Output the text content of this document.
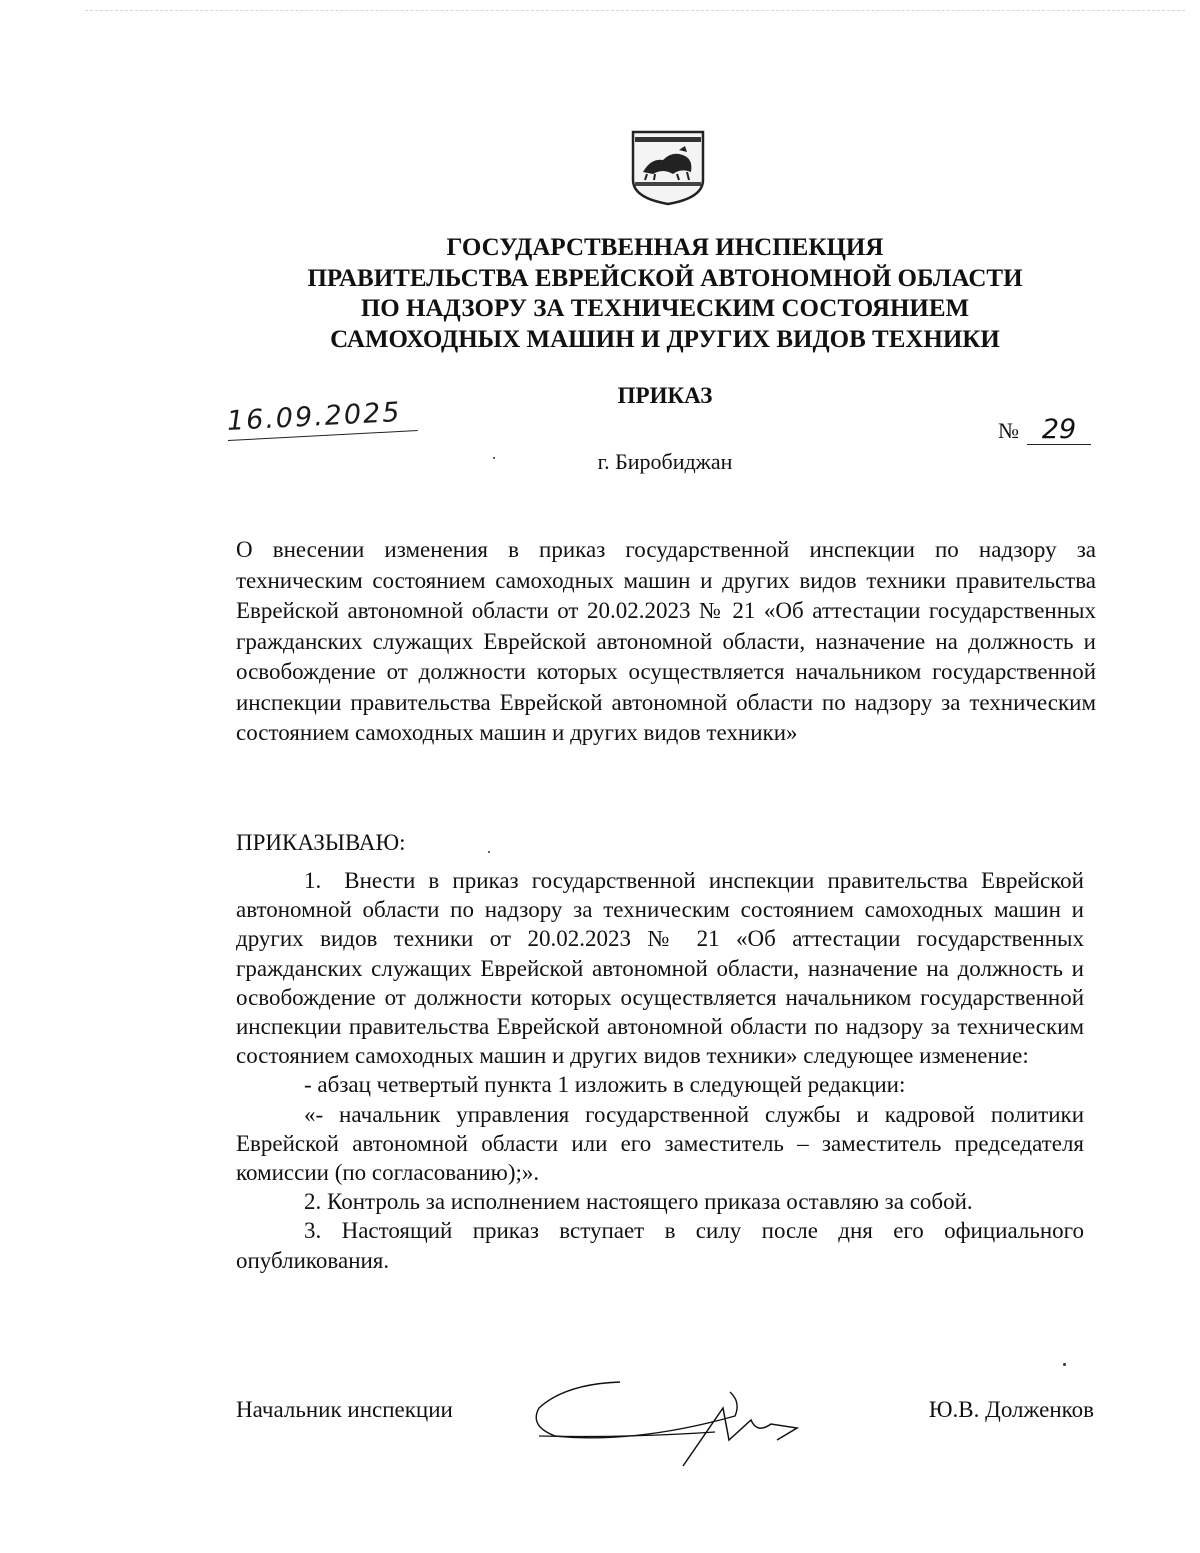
ГОСУДАРСТВЕННАЯ ИНСПЕКЦИЯ
ПРАВИТЕЛЬСТВА ЕВРЕЙСКОЙ АВТОНОМНОЙ ОБЛАСТИ
ПО НАДЗОРУ ЗА ТЕХНИЧЕСКИМ СОСТОЯНИЕМ
САМОХОДНЫХ МАШИН И ДРУГИХ ВИДОВ ТЕХНИКИ
ПРИКАЗ
16.09.2025	№ 29
г. Биробиджан
О внесении изменения в приказ государственной инспекции по надзору за техническим состоянием самоходных машин и других видов техники правительства Еврейской автономной области от 20.02.2023 № 21 «Об аттестации государственных гражданских служащих Еврейской автономной области, назначение на должность и освобождение от должности которых осуществляется начальником государственной инспекции правительства Еврейской автономной области по надзору за техническим состоянием самоходных машин и других видов техники»
ПРИКАЗЫВАЮ:

1. Внести в приказ государственной инспекции правительства Еврейской автономной области по надзору за техническим состоянием самоходных машин и других видов техники от 20.02.2023 № 21 «Об аттестации государственных гражданских служащих Еврейской автономной области, назначение на должность и освобождение от должности которых осуществляется начальником государственной инспекции правительства Еврейской автономной области по надзору за техническим состоянием самоходных машин и других видов техники» следующее изменение:

- абзац четвертый пункта 1 изложить в следующей редакции:

«- начальник управления государственной службы и кадровой политики Еврейской автономной области или его заместитель – заместитель председателя комиссии (по согласованию);».

2. Контроль за исполнением настоящего приказа оставляю за собой.

3. Настоящий приказ вступает в силу после дня его официального опубликования.

Начальник инспекции	Ю.В. Долженков
